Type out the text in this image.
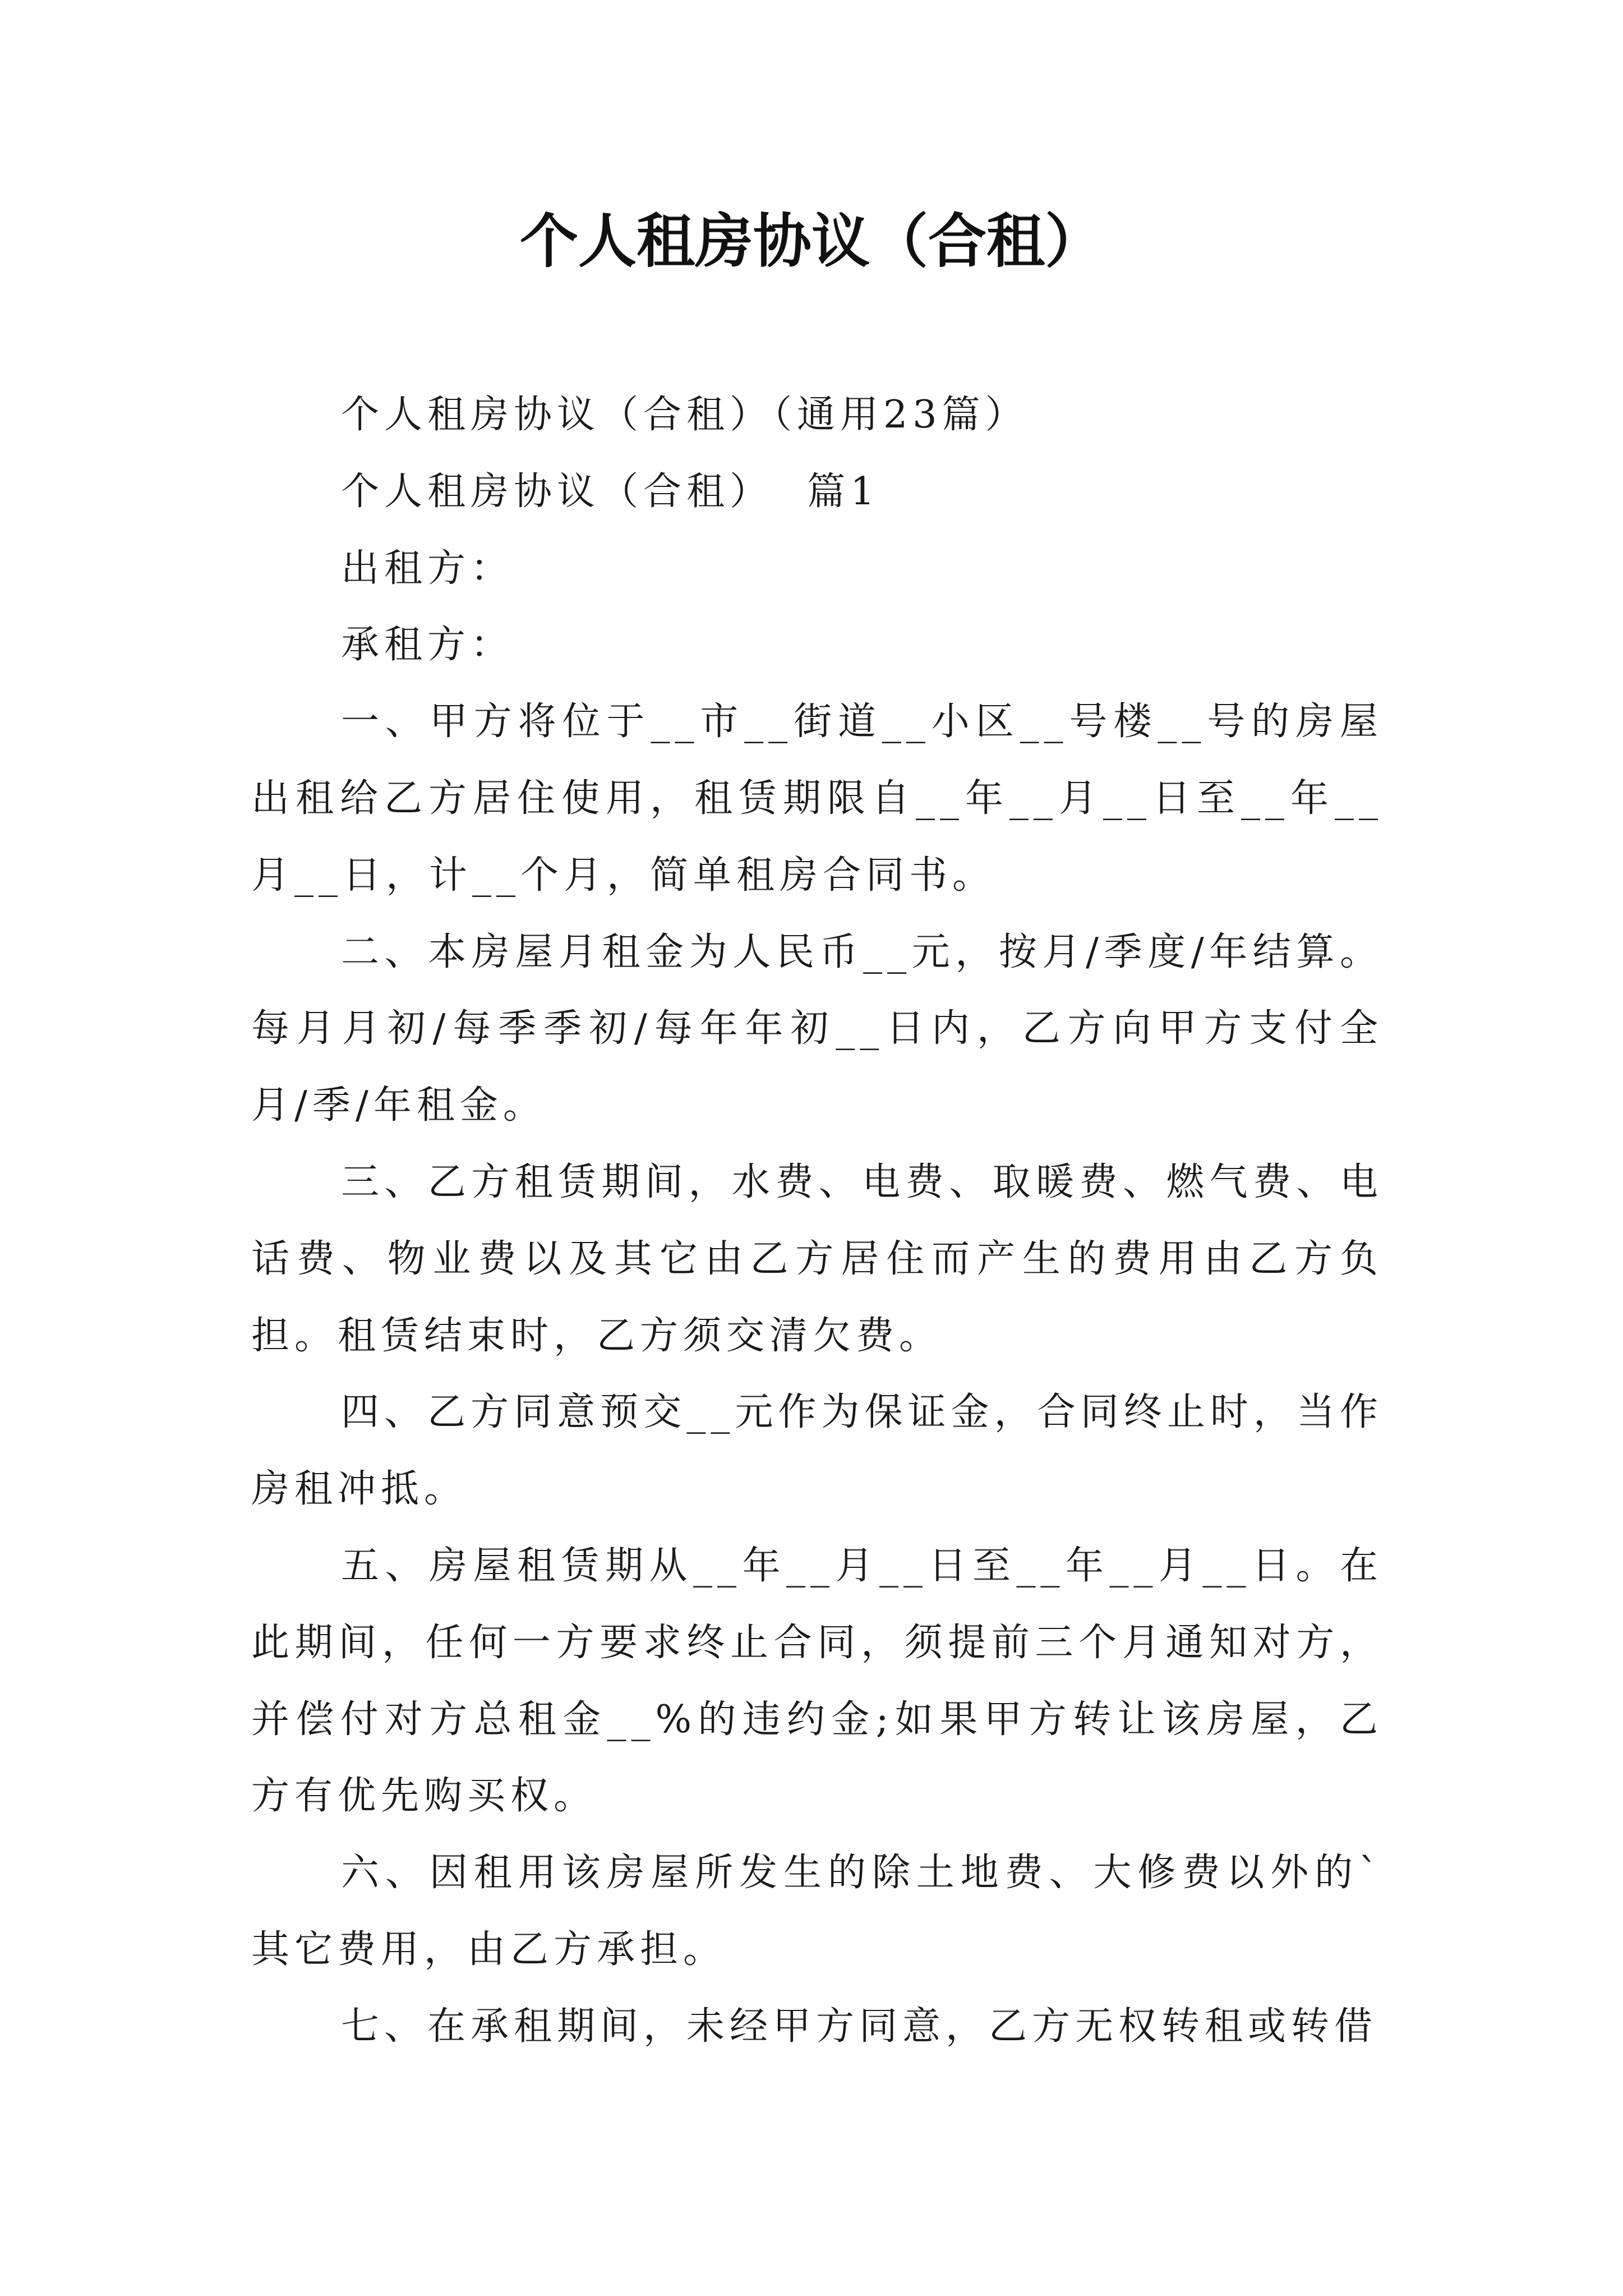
个人租房协议（合租）
个人租房协议（合租）（通用23篇）
个人租房协议（合租）  篇1
出租方：
承租方：

一、甲方将位于__市__街道__小区__号楼__号的房屋出租给乙方居住使用，租赁期限自__年__月__日至__年__月__日，计__个月，简单租房合同书。

二、本房屋月租金为人民币__元，按月/季度/年结算。每月月初/每季季初/每年年初__日内，乙方向甲方支付全月/季/年租金。

三、乙方租赁期间，水费、电费、取暖费、燃气费、电话费、物业费以及其它由乙方居住而产生的费用由乙方负担。租赁结束时，乙方须交清欠费。

四、乙方同意预交__元作为保证金，合同终止时，当作房租冲抵。

五、房屋租赁期从__年__月__日至__年__月__日。在此期间，任何一方要求终止合同，须提前三个月通知对方，并偿付对方总租金__%的违约金;如果甲方转让该房屋，乙方有优先购买权。

六、因租用该房屋所发生的除土地费、大修费以外的`其它费用，由乙方承担。

七、在承租期间，未经甲方同意，乙方无权转租或转借
